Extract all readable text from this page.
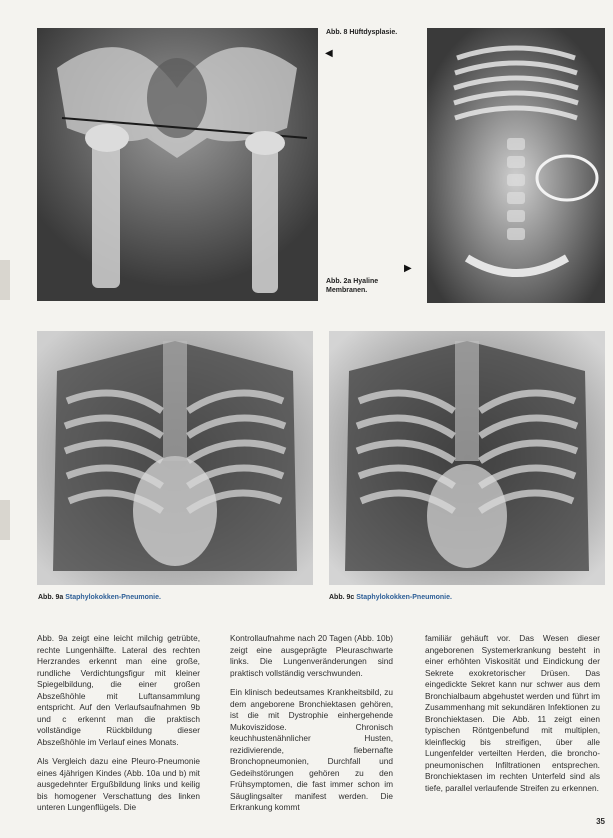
Abb. 8 Hüftdysplasie.
◀
▶
Abb. 2a Hyaline Membranen.
Abb. 9a Staphylokokken-Pneumonie.	Abb. 9c Staphylokokken-Pneumonie.

Abb. 9a zeigt eine leicht milchig getrübte, rechte Lungenhälfte. Lateral des rechten Herzrandes erkennt man eine große, rundliche Verdichtungsfigur mit kleiner Spiegelbildung, die einer großen Abszeßhöhle mit Luftansammlung entspricht. Auf den Verlaufsaufnahmen 9b und c erkennt man die praktisch vollständige Rückbildung dieser Abszeßhöhle im Verlauf eines Monats.

Als Vergleich dazu eine Pleuro-Pneumonie eines 4jährigen Kindes (Abb. 10a und b) mit ausgedehnter Ergußbildung links und keilig bis homogener Verschattung des linken unteren Lungenflügels. Die

Kontrollaufnahme nach 20 Tagen (Abb. 10b) zeigt eine ausgeprägte Pleuraschwarte links. Die Lungenveränderungen sind praktisch vollständig verschwunden.

Ein klinisch bedeutsames Krankheitsbild, zu dem angeborene Bronchiektasen gehören, ist die mit Dystrophie einhergehende Mukoviszidose. Chronisch keuchhustenähnlicher Husten, rezidivierende, fiebernafte Bronchopneumonien, Durchfall und Gedeihstörungen gehören zu den Frühsymptomen, die fast immer schon im Säuglingsalter manifest werden. Die Erkrankung kommt

familiär gehäuft vor. Das Wesen dieser angeborenen Systemerkrankung besteht in einer erhöhten Viskosität und Eindickung der Sekrete exokretorischer Drüsen. Das eingedickte Sekret kann nur schwer aus dem Bronchialbaum abgehustet werden und führt im Zusammenhang mit sekundären Infektionen zu Bronchiektasen. Die Abb. 11 zeigt einen typischen Röntgenbefund mit multiplen, kleinfleckig bis streifigen, über alle Lungenfelder verteilten Herden, die broncho-pneumonischen Infiltrationen entsprechen. Bronchiektasen im rechten Unterfeld sind als tiefe, parallel verlaufende Streifen zu erkennen.

35
